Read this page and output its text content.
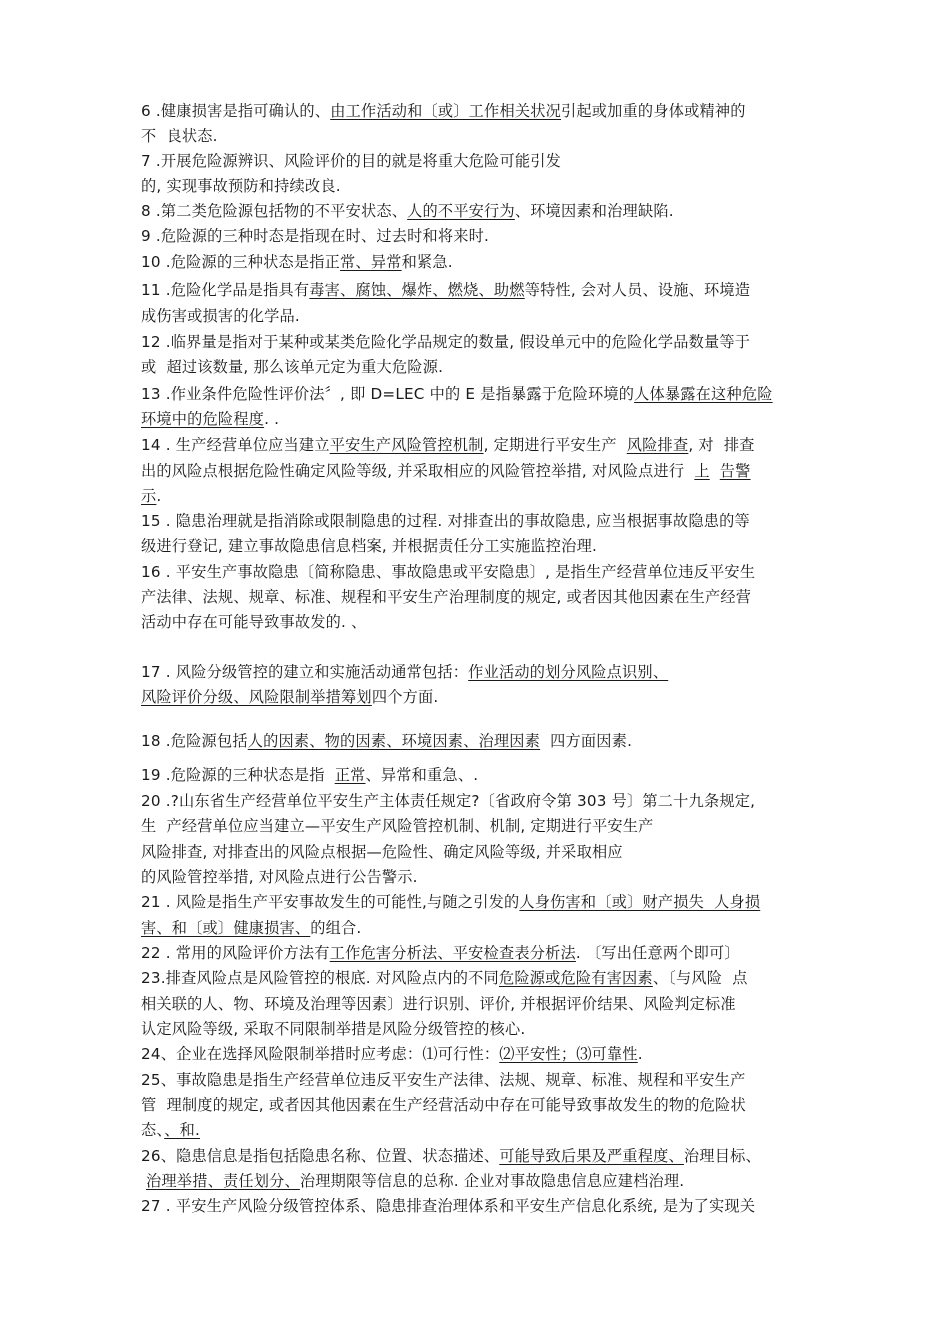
6 .健康损害是指可确认的、由工作活动和〔或〕工作相关状况引起或加重的身体或精神的
不  良状态.
7 .开展危险源辨识、风险评价的目的就是将重大危险可能引发
的, 实现事故预防和持续改良.
8 .第二类危险源包括物的不平安状态、人的不平安行为、环境因素和治理缺陷.
9 .危险源的三种时态是指现在时、过去时和将来时.
10 .危险源的三种状态是指正常、异常和紧急.
11 .危险化学品是指具有毒害、腐蚀、爆炸、燃烧、助燃等特性, 会对人员、设施、环境造
成伤害或损害的化学品.
12 .临界量是指对于某种或某类危险化学品规定的数量, 假设单元中的危险化学品数量等于
或  超过该数量, 那么该单元定为重大危险源.
13 .作业条件危险性评价法〞, 即 D=LEC 中的 E 是指暴露于危险环境的人体暴露在这种危险
环境中的危险程度. .
14 . 生产经营单位应当建立平安生产风险管控机制, 定期进行平安生产  风险排查, 对  排查
出的风险点根据危险性确定风险等级, 并采取相应的风险管控举措, 对风险点进行  上 告警
示.
15 . 隐患治理就是指消除或限制隐患的过程. 对排查出的事故隐患, 应当根据事故隐患的等
级进行登记, 建立事故隐患信息档案, 并根据责任分工实施监控治理.
16 . 平安生产事故隐患〔简称隐患、事故隐患或平安隐患〕, 是指生产经营单位违反平安生
产法律、法规、规章、标准、规程和平安生产治理制度的规定, 或者因其他因素在生产经营
活动中存在可能导致事故发的. 、
17 . 风险分级管控的建立和实施活动通常包括：作业活动的划分风险点识别、
风险评价分级、风险限制举措筹划四个方面.
18 .危险源包括人的因素、物的因素、环境因素、治理因素  四方面因素.
19 .危险源的三种状态是指  正常、异常和重急、.
20 .?山东省生产经营单位平安生产主体责任规定?〔省政府令第 303 号〕第二十九条规定,
生  产经营单位应当建立—平安生产风险管控机制、机制, 定期进行平安生产
风险排查, 对排查出的风险点根据—危险性、确定风险等级, 并采取相应
的风险管控举措, 对风险点进行公告警示.
21 . 风险是指生产平安事故发生的可能性,与随之引发的人身伤害和〔或〕财产损失  人身损
害、和〔或〕健康损害、的组合.
22 . 常用的风险评价方法有工作危害分析法、平安检查表分析法. 〔写出任意两个即可〕
23.排查风险点是风险管控的根底. 对风险点内的不同危险源或危险有害因素、〔与风险  点
相关联的人、物、环境及治理等因素〕进行识别、评价, 并根据评价结果、风险判定标准
认定风险等级, 采取不同限制举措是风险分级管控的核心.
24、企业在选择风险限制举措时应考虑：⑴可行性：⑵平安性；⑶可靠性.
25、事故隐患是指生产经营单位违反平安生产法律、法规、规章、标准、规程和平安生产
管  理制度的规定, 或者因其他因素在生产经营活动中存在可能导致事故发生的物的危险状
态、、和.
26、隐患信息是指包括隐患名称、位置、状态描述、可能导致后果及严重程度、治理目标、
治理举措、责任划分、治理期限等信息的总称. 企业对事故隐患信息应建档治理.
27 . 平安生产风险分级管控体系、隐患排查治理体系和平安生产信息化系统, 是为了实现关
